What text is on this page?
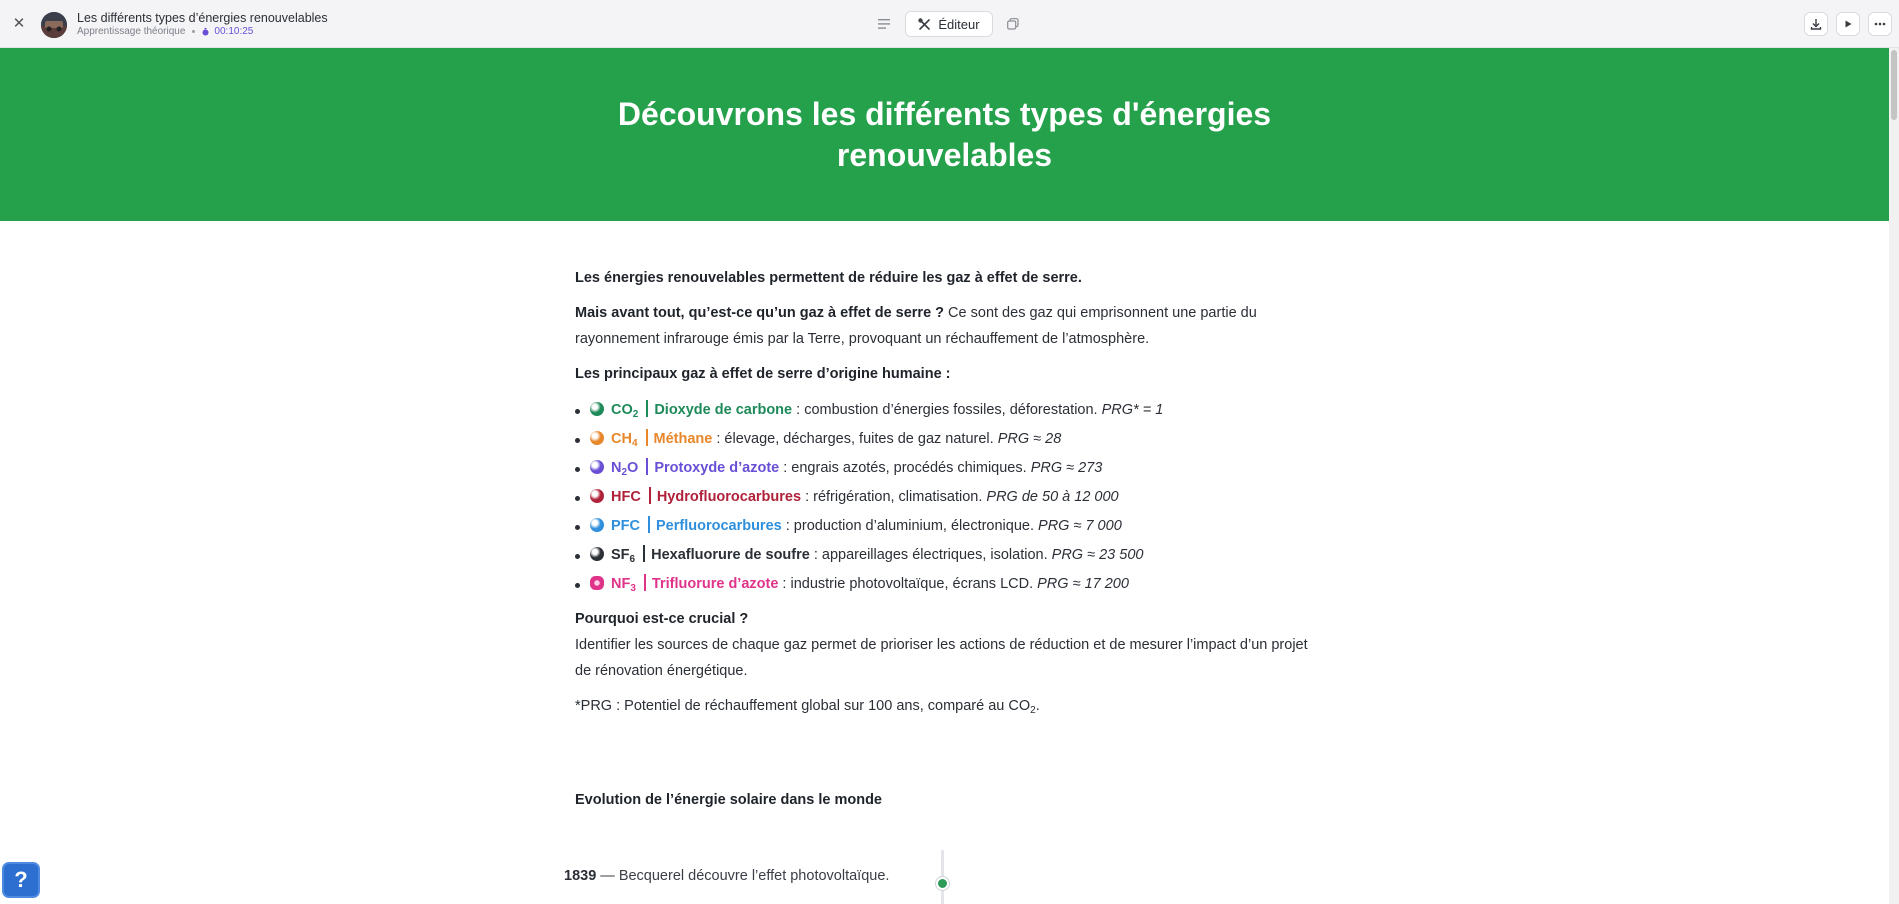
✕	Les différents types d’énergies renouvelables
Apprentissage théorique	00:10:25	Éditeur
Découvrons les différents types d'énergies renouvelables

Les énergies renouvelables permettent de réduire les gaz à effet de serre.

Mais avant tout, qu’est-ce qu’un gaz à effet de serre ? Ce sont des gaz qui emprisonnent une partie du rayonnement infrarouge émis par la Terre, provoquant un réchauffement de l’atmosphère.

Les principaux gaz à effet de serre d’origine humaine :

$CO_2$ Dioxyde de carbone : combustion d’énergies fossiles, déforestation. PRG* = 1
$CH_4$ Méthane : élevage, décharges, fuites de gaz naturel. PRG ≈ 28
$N_2O$ Protoxyde d’azote : engrais azotés, procédés chimiques. PRG ≈ 273
HFC Hydrofluorocarbures : réfrigération, climatisation. PRG de 50 à 12 000
PFC Perfluorocarbures : production d’aluminium, électronique. PRG ≈ 7 000
$SF_6$ Hexafluorure de soufre : appareillages électriques, isolation. PRG ≈ 23 500
$NF_3$ Trifluorure d’azote : industrie photovoltaïque, écrans LCD. PRG ≈ 17 200

Pourquoi est-ce crucial ?
Identifier les sources de chaque gaz permet de prioriser les actions de réduction et de mesurer l’impact d’un projet de rénovation énergétique.

*PRG : Potentiel de réchauffement global sur 100 ans, comparé au $CO_2$.

Evolution de l’énergie solaire dans le monde
1839 — Becquerel découvre l’effet photovoltaïque.
?
